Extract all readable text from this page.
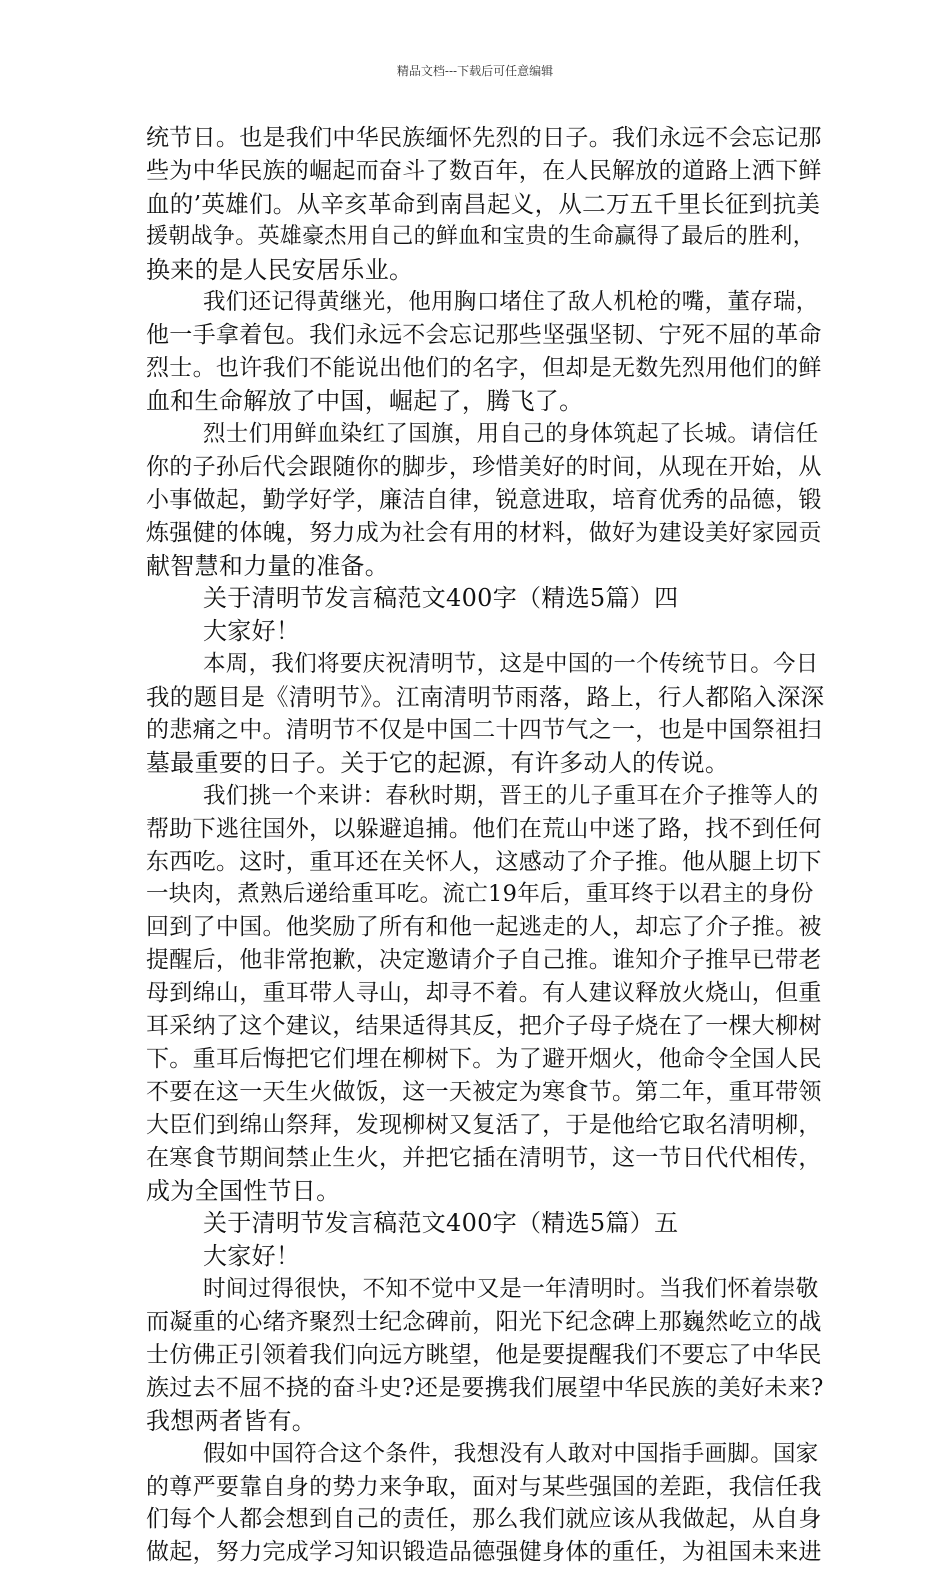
精品文档---下载后可任意编辑
统节日。也是我们中华民族缅怀先烈的日子。我们永远不会忘记那
些为中华民族的崛起而奋斗了数百年，在人民解放的道路上洒下鲜
血的’英雄们。从辛亥革命到南昌起义，从二万五千里长征到抗美
援朝战争。英雄豪杰用自己的鲜血和宝贵的生命赢得了最后的胜利，
换来的是人民安居乐业。
我们还记得黄继光，他用胸口堵住了敌人机枪的嘴，董存瑞，
他一手拿着包。我们永远不会忘记那些坚强坚韧、宁死不屈的革命
烈士。也许我们不能说出他们的名字，但却是无数先烈用他们的鲜
血和生命解放了中国，崛起了，腾飞了。
烈士们用鲜血染红了国旗，用自己的身体筑起了长城。请信任
你的子孙后代会跟随你的脚步，珍惜美好的时间，从现在开始，从
小事做起，勤学好学，廉洁自律，锐意进取，培育优秀的品德，锻
炼强健的体魄，努力成为社会有用的材料，做好为建设美好家园贡
献智慧和力量的准备。
关于清明节发言稿范文400字（精选5篇）四
大家好！
本周，我们将要庆祝清明节，这是中国的一个传统节日。今日
我的题目是《清明节》。江南清明节雨落，路上，行人都陷入深深
的悲痛之中。清明节不仅是中国二十四节气之一，也是中国祭祖扫
墓最重要的日子。关于它的起源，有许多动人的传说。
我们挑一个来讲：春秋时期，晋王的儿子重耳在介子推等人的
帮助下逃往国外，以躲避追捕。他们在荒山中迷了路，找不到任何
东西吃。这时，重耳还在关怀人，这感动了介子推。他从腿上切下
一块肉，煮熟后递给重耳吃。流亡19年后，重耳终于以君主的身份
回到了中国。他奖励了所有和他一起逃走的人，却忘了介子推。被
提醒后，他非常抱歉，决定邀请介子自己推。谁知介子推早已带老
母到绵山，重耳带人寻山，却寻不着。有人建议释放火烧山，但重
耳采纳了这个建议，结果适得其反，把介子母子烧在了一棵大柳树
下。重耳后悔把它们埋在柳树下。为了避开烟火，他命令全国人民
不要在这一天生火做饭，这一天被定为寒食节。第二年，重耳带领
大臣们到绵山祭拜，发现柳树又复活了，于是他给它取名清明柳，
在寒食节期间禁止生火，并把它插在清明节，这一节日代代相传，
成为全国性节日。
关于清明节发言稿范文400字（精选5篇）五
大家好！
时间过得很快，不知不觉中又是一年清明时。当我们怀着崇敬
而凝重的心绪齐聚烈士纪念碑前，阳光下纪念碑上那巍然屹立的战
士仿佛正引领着我们向远方眺望，他是要提醒我们不要忘了中华民
族过去不屈不挠的奋斗史?还是要携我们展望中华民族的美好未来?
我想两者皆有。
假如中国符合这个条件，我想没有人敢对中国指手画脚。国家
的尊严要靠自身的势力来争取，面对与某些强国的差距，我信任我
们每个人都会想到自己的责任，那么我们就应该从我做起，从自身
做起，努力完成学习知识锻造品德强健身体的重任，为祖国未来进
